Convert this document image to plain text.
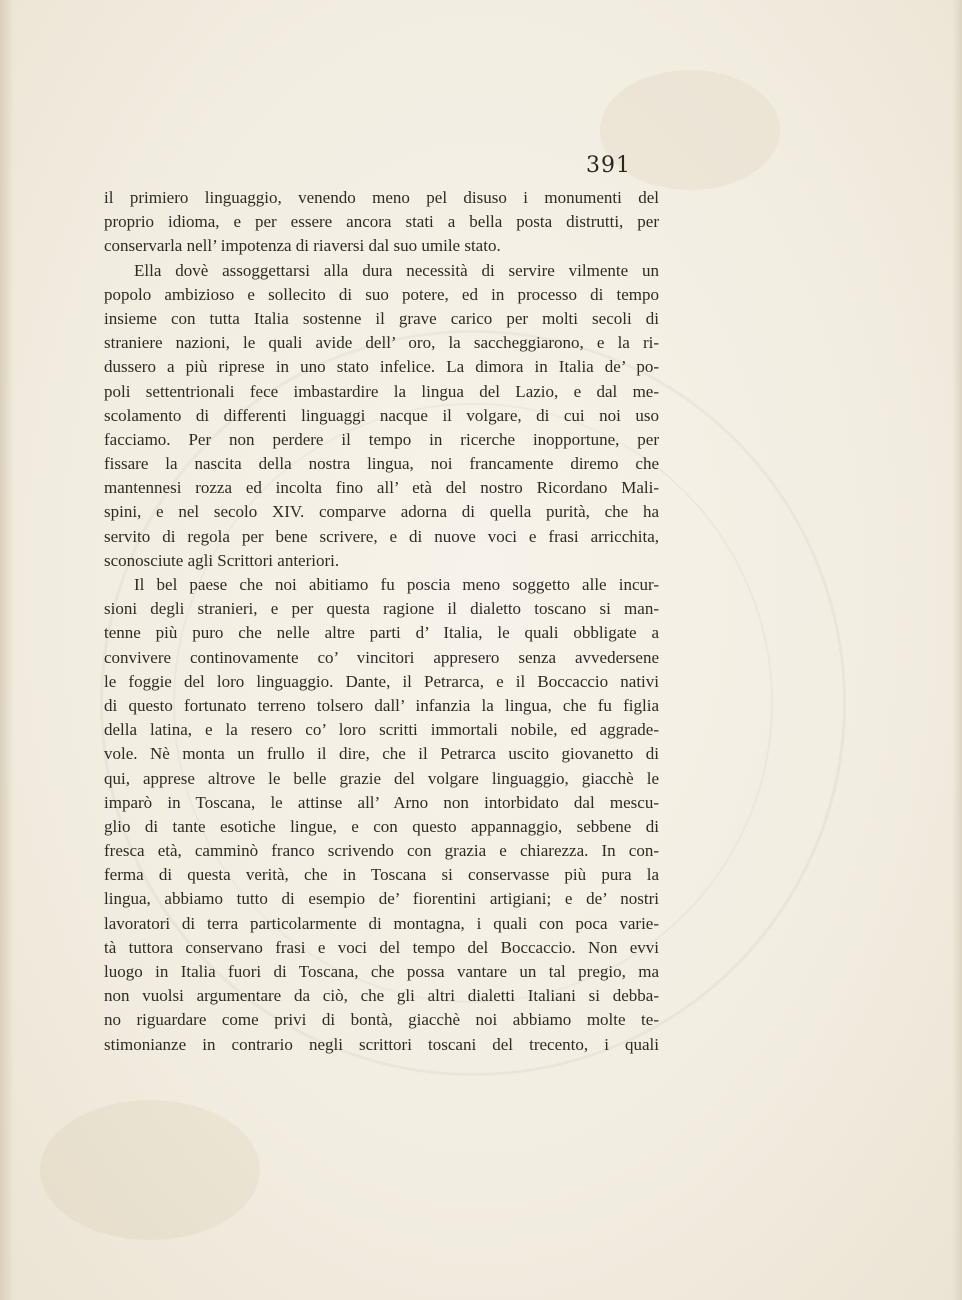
391
il primiero linguaggio, venendo meno pel disuso i monumenti del
proprio idioma, e per essere ancora stati a bella posta distrutti, per
conservarla nell’ impotenza di riaversi dal suo umile stato.
Ella dovè assoggettarsi alla dura necessità di servire vilmente un
popolo ambizioso e sollecito di suo potere, ed in processo di tempo
insieme con tutta Italia sostenne il grave carico per molti secoli di
straniere nazioni, le quali avide dell’ oro, la saccheggiarono, e la ri-
dussero a più riprese in uno stato infelice. La dimora in Italia de’ po-
poli settentrionali fece imbastardire la lingua del Lazio, e dal me-
scolamento di differenti linguaggi nacque il volgare, di cui noi uso
facciamo. Per non perdere il tempo in ricerche inopportune, per
fissare la nascita della nostra lingua, noi francamente diremo che
mantennesi rozza ed incolta fino all’ età del nostro Ricordano Mali-
spini, e nel secolo XIV. comparve adorna di quella purità, che ha
servito di regola per bene scrivere, e di nuove voci e frasi arricchita,
sconosciute agli Scrittori anteriori.
Il bel paese che noi abitiamo fu poscia meno soggetto alle incur-
sioni degli stranieri, e per questa ragione il dialetto toscano si man-
tenne più puro che nelle altre parti d’ Italia, le quali obbligate a
convivere continovamente co’ vincitori appresero senza avvedersene
le foggie del loro linguaggio. Dante, il Petrarca, e il Boccaccio nativi
di questo fortunato terreno tolsero dall’ infanzia la lingua, che fu figlia
della latina, e la resero co’ loro scritti immortali nobile, ed aggrade-
vole. Nè monta un frullo il dire, che il Petrarca uscito giovanetto di
qui, apprese altrove le belle grazie del volgare linguaggio, giacchè le
imparò in Toscana, le attinse all’ Arno non intorbidato dal mescu-
glio di tante esotiche lingue, e con questo appannaggio, sebbene di
fresca età, camminò franco scrivendo con grazia e chiarezza. In con-
ferma di questa verità, che in Toscana si conservasse più pura la
lingua, abbiamo tutto di esempio de’ fiorentini artigiani; e de’ nostri
lavoratori di terra particolarmente di montagna, i quali con poca varie-
tà tuttora conservano frasi e voci del tempo del Boccaccio. Non evvi
luogo in Italia fuori di Toscana, che possa vantare un tal pregio, ma
non vuolsi argumentare da ciò, che gli altri dialetti Italiani si debba-
no riguardare come privi di bontà, giacchè noi abbiamo molte te-
stimonianze in contrario negli scrittori toscani del trecento, i quali
